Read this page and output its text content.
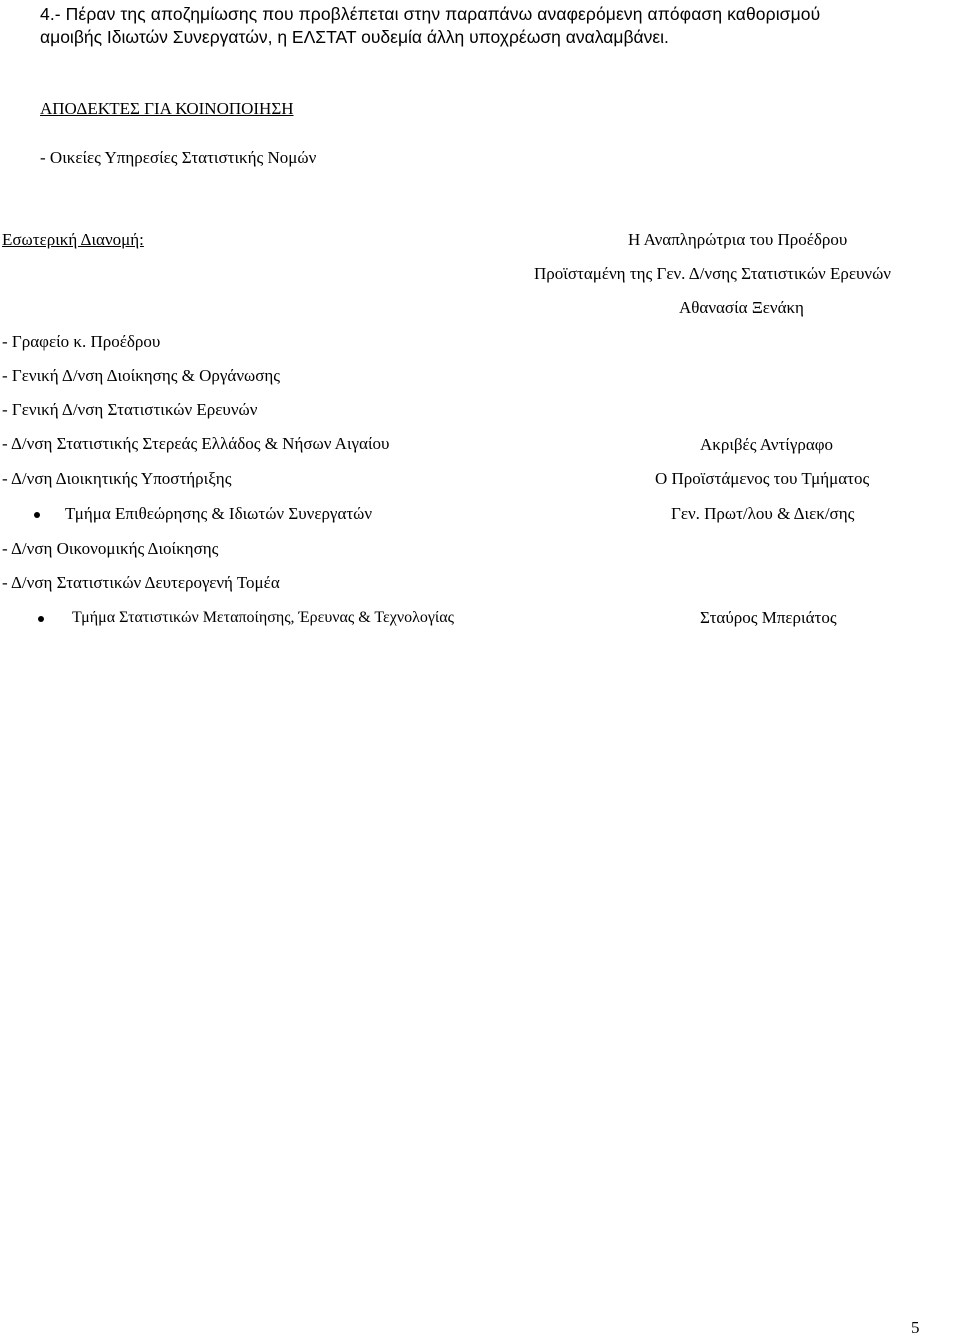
4.- Πέραν της αποζημίωσης που προβλέπεται στην παραπάνω αναφερόμενη απόφαση καθορισμού
αμοιβής Ιδιωτών Συνεργατών, η ΕΛΣΤΑΤ ουδεμία άλλη υποχρέωση αναλαμβάνει.
ΑΠΟΔΕΚΤΕΣ ΓΙΑ ΚΟΙΝΟΠΟΙΗΣΗ
- Οικείες Υπηρεσίες Στατιστικής Νομών
Εσωτερική Διανομή:
- Γραφείο κ. Προέδρου
- Γενική Δ/νση Διοίκησης & Οργάνωσης
- Γενική Δ/νση Στατιστικών Ερευνών
- Δ/νση Στατιστικής Στερεάς Ελλάδος & Νήσων Αιγαίου
- Δ/νση Διοικητικής Υποστήριξης
Τμήμα Επιθεώρησης & Ιδιωτών Συνεργατών
- Δ/νση Οικονομικής Διοίκησης
- Δ/νση Στατιστικών Δευτερογενή Τομέα
Τμήμα Στατιστικών Μεταποίησης, Έρευνας & Τεχνολογίας
Η Αναπληρώτρια του Προέδρου
Προϊσταμένη της Γεν. Δ/νσης Στατιστικών Ερευνών
Αθανασία Ξενάκη
Ακριβές Αντίγραφο
Ο Προϊστάμενος του Τμήματος
Γεν. Πρωτ/λου & Διεκ/σης
Σταύρος Μπεριάτος
5
